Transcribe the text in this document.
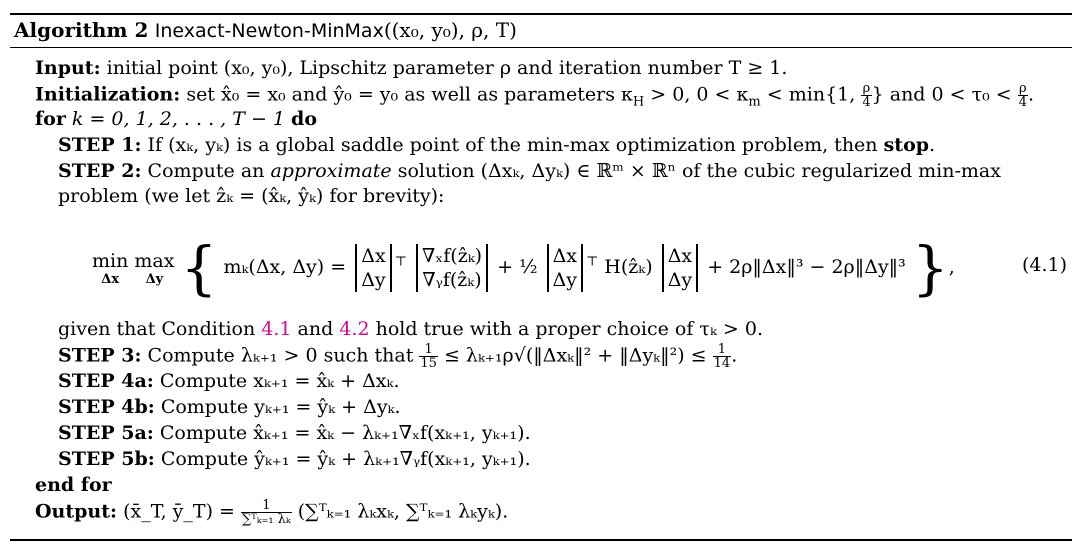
Algorithm 2 Inexact-Newton-MinMax((x₀, y₀), ρ, T)
Input: initial point (x₀, y₀), Lipschitz parameter ρ and iteration number T ≥ 1.
Initialization: set x̂₀ = x₀ and ŷ₀ = y₀ as well as parameters $\kappa_H > 0$, $0 < \kappa_m < \min\{1$, $\frac{\rho}{4}$ } and $0 < \tau_0 < \frac{\rho}{4}$ .
for k = 0, 1, 2, . . . , T − 1 do
STEP 1: If (xₖ, yₖ) is a global saddle point of the min-max optimization problem, then stop.
STEP 2: Compute an approximate solution (Δxₖ, Δyₖ) ∈ ℝᵐ × ℝⁿ of the cubic regularized min-max
problem (we let ẑₖ = (x̂ₖ, ŷₖ) for brevity):
min
Δx

max
Δy { mₖ(Δx, Δy) = Δx
Δy
⊤ ∇ₓf(ẑₖ)
∇ᵧf(ẑₖ)
+ ½ Δx
Δy
⊤ H(ẑₖ) Δx
Δy
+ 2ρ‖Δx‖³ − 2ρ‖Δy‖³ },	(4.1)
given that Condition 4.1 and 4.2 hold true with a proper choice of τₖ > 0.
STEP 3: Compute λₖ₊₁ > 0 such that $\frac{1}{15}$ ≤ λₖ₊₁ρ√(‖Δxₖ‖² + ‖Δyₖ‖²) ≤ $\frac{1}{14}$ .
STEP 4a: Compute xₖ₊₁ = x̂ₖ + Δxₖ.
STEP 4b: Compute yₖ₊₁ = ŷₖ + Δyₖ.
STEP 5a: Compute x̂ₖ₊₁ = x̂ₖ − λₖ₊₁∇ₓf(xₖ₊₁, yₖ₊₁).
STEP 5b: Compute ŷₖ₊₁ = ŷₖ + λₖ₊₁∇ᵧf(xₖ₊₁, yₖ₊₁).
end for
Output: (x̄_T, ȳ_T) = $\frac{1}{\text{∑ᵀₖ₌₁ λₖ}}$ (∑ᵀₖ₌₁ λₖxₖ, ∑ᵀₖ₌₁ λₖyₖ).
